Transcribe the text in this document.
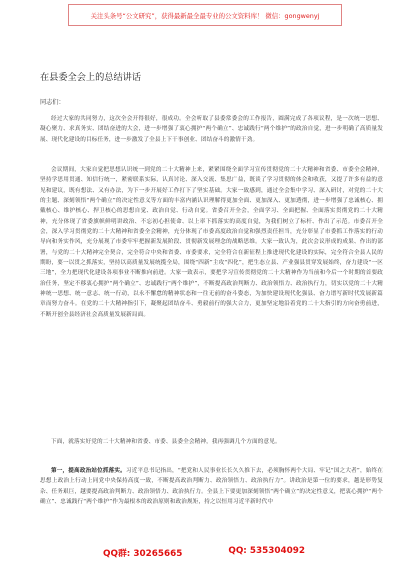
关注头条号“公文研究”，获得最新最全最专业的公文资料库！ 微信：gongwenyj
在县委全会上的总结讲话
同志们：

经过大家的共同努力，这次全会开得很好，很成功。全会听取了县委常委会的工作报告，圆满完成了各项议程，是一次统一思想、凝心聚力、求真务实、团结奋进的大会，进一步增强了衷心拥护“两个确立”、忠诚践行“两个维护”的政治自觉，进一步明确了高质量发展、现代化建设的目标任务，进一步激发了全县上下干事创业、团结奋斗的激情干劲。

会议期间，大家自觉把思想认识统一到党的二十大精神上来，紧紧围绕全面学习宣传贯彻党的二十大精神和省委、市委全会精神，坚持学思用贯通、知信行统一，紧密联系实际，认真讨论、深入交流、集思广益，既谈了学习贯彻的体会和收获，又提了许多有益的意见和建议，既有想法、又有办法，为下一步开展好工作打下了坚实基础。大家一致感到，通过全会集中学习、深入研讨，对党的二十大的主题、深刻领悟“两个确立”的决定性意义等方面的丰富内涵认识理解得更加全面、更加深入、更加透彻，进一步增强了忠诚核心、拥戴核心、维护核心、捍卫核心的思想自觉、政治自觉、行动自觉。省委召开全会，全面学习、全面把握、全面落实贯彻党的二十大精神，充分体现了省委旗帜鲜明讲政治、不忘初心担使命、以上率下抓落实的高度自觉，为我们树立了标杆、作出了示范。市委召开全会，深入学习贯彻党的二十大精神和省委全会精神，充分体现了市委高度政治自觉和强烈责任担当，充分彰显了市委抓工作落实的行动导向和务实作风，充分展现了市委牢牢把握新发展阶段、贯彻新发展理念的战略思维。大家一致认为，此次会议形成的成果、作出的部署，与党的二十大精神完全契合，完全符合中央和省委、市委要求，完全符合在新征程上推进现代化建设的实际，完全符合全县人民的期盼，要一以贯之抓落实，坚持以高质量发展统揽全局，围绕“四新”主攻“四化”，把生态立县、产业强县贯穿发展始终，奋力建设“一区三地”，全力把现代化建设各项事业不断推向前进。大家一致表示，要把学习宣传贯彻党的二十大精神作为当前和今后一个时期的首要政治任务，坚定不移衷心拥护“两个确立”、忠诚践行“两个维护”，不断提高政治判断力、政治领悟力、政治执行力，切实以党的二十大精神统一思想、统一意志、统一行动，以永不懈怠的精神状态和一往无前的奋斗姿态，为加快建设现代化强县、奋力谱写新时代发展新篇章而努力奋斗。在党的二十大精神指引下，凝聚起团结奋斗、勇毅前行的强大合力，更加坚定地沿着党的二十大指引的方向奋勇前进，不断开创全县经济社会高质量发展新局面。

下面，就落实好党的二十大精神和省委、市委、县委全会精神，我再强调几个方面的意见。

第一，提高政治站位抓落实。习近平总书记指出，“把党和人民事业长长久久推下去，必须胸怀两个大局、牢记“国之大者”，始终在思想上政治上行动上同党中央保持高度一致，不断提高政治判断力、政治领悟力、政治执行力”。讲政治是第一位的要求，越是形势复杂、任务艰巨，越要提高政治判断力、政治领悟力、政治执行力。全县上下要更加深刻领悟“两个确立”的决定性意义，把衷心拥护“两个确立”、忠诚践行“两个维护”作为最根本的政治原则和政治规矩，持之以恒用习近平新时代中

QQ群: 30265665	QQ: 535304092
